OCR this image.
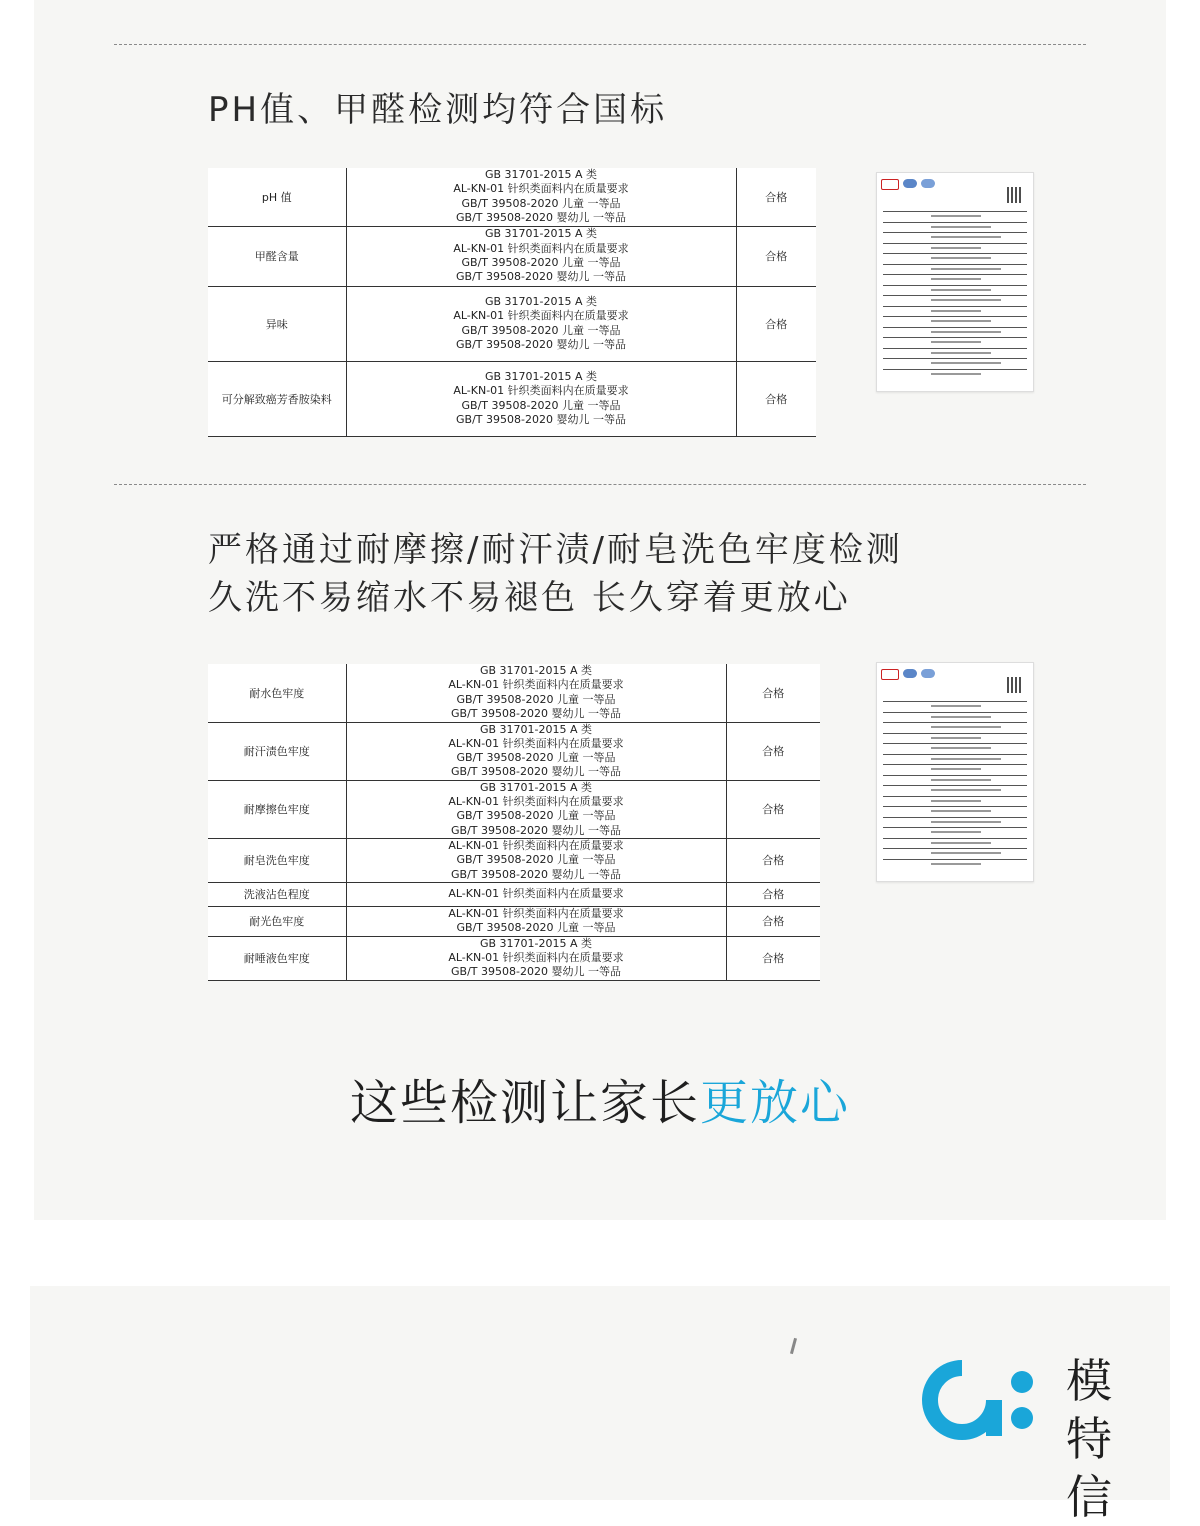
PH值、甲醛检测均符合国标
pH 值	GB 31701-2015 A 类
AL-KN-01 针织类面料内在质量要求
GB/T 39508-2020 儿童 一等品
GB/T 39508-2020 婴幼儿 一等品	合格
甲醛含量	GB 31701-2015 A 类
AL-KN-01 针织类面料内在质量要求
GB/T 39508-2020 儿童 一等品
GB/T 39508-2020 婴幼儿 一等品	合格
异味	GB 31701-2015 A 类
AL-KN-01 针织类面料内在质量要求
GB/T 39508-2020 儿童 一等品
GB/T 39508-2020 婴幼儿 一等品	合格
可分解致癌芳香胺染料	GB 31701-2015 A 类
AL-KN-01 针织类面料内在质量要求
GB/T 39508-2020 儿童 一等品
GB/T 39508-2020 婴幼儿 一等品	合格
严格通过耐摩擦/耐汗渍/耐皂洗色牢度检测
久洗不易缩水不易褪色 长久穿着更放心
耐水色牢度	GB 31701-2015 A 类
AL-KN-01 针织类面料内在质量要求
GB/T 39508-2020 儿童 一等品
GB/T 39508-2020 婴幼儿 一等品	合格
耐汗渍色牢度	GB 31701-2015 A 类
AL-KN-01 针织类面料内在质量要求
GB/T 39508-2020 儿童 一等品
GB/T 39508-2020 婴幼儿 一等品	合格
耐摩擦色牢度	GB 31701-2015 A 类
AL-KN-01 针织类面料内在质量要求
GB/T 39508-2020 儿童 一等品
GB/T 39508-2020 婴幼儿 一等品	合格
耐皂洗色牢度	AL-KN-01 针织类面料内在质量要求
GB/T 39508-2020 儿童 一等品
GB/T 39508-2020 婴幼儿 一等品	合格
洗液沾色程度	AL-KN-01 针织类面料内在质量要求	合格
耐光色牢度	AL-KN-01 针织类面料内在质量要求
GB/T 39508-2020 儿童 一等品	合格
耐唾液色牢度	GB 31701-2015 A 类
AL-KN-01 针织类面料内在质量要求
GB/T 39508-2020 婴幼儿 一等品	合格
这些检测让家长更放心
模特信
